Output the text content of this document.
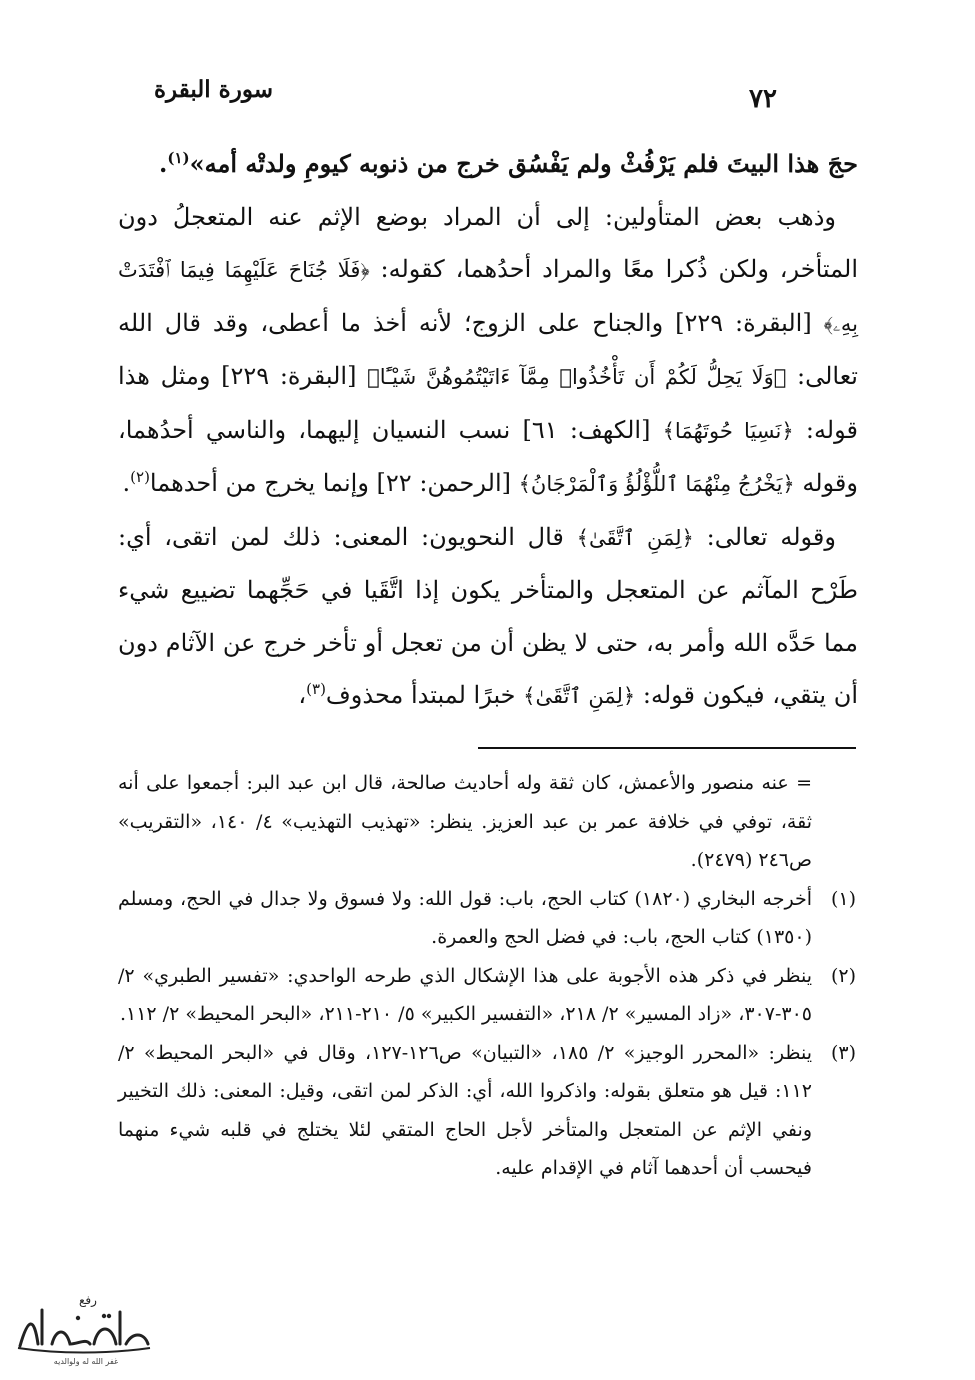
سورة البقرة	٧٢

حجَ هذا البيتَ فلم يَرْفُثْ ولم يَفْسُق خرج من ذنوبه كيومِ ولدتْه أمه»$^{(١)}$.

وذهب بعض المتأولين: إلى أن المراد بوضع الإثم عنه المتعجلُ دون المتأخر، ولكن ذُكرا معًا والمراد أحدُهما، كقوله: ﴿فَلَا جُنَاحَ عَلَيْهِمَا فِيمَا ٱفْتَدَتْ بِهِۦ﴾ [البقرة: ٢٢٩] والجناح على الزوج؛ لأنه أخذ ما أعطى، وقد قال الله تعالى: ﴿وَلَا يَحِلُّ لَكُمْ أَن تَأْخُذُوا۟ مِمَّآ ءَاتَيْتُمُوهُنَّ شَيْـًٔا﴾ [البقرة: ٢٢٩] ومثل هذا قوله: ﴿نَسِيَا حُوتَهُمَا﴾ [الكهف: ٦١] نسب النسيان إليهما، والناسي أحدُهما، وقوله ﴿يَخْرُجُ مِنْهُمَا ٱللُّؤْلُؤُ وَٱلْمَرْجَانُ﴾ [الرحمن: ٢٢] وإنما يخرج من أحدهما$^{(٢)}$.

وقوله تعالى: ﴿لِمَنِ ٱتَّقَىٰ﴾ قال النحويون: المعنى: ذلك لمن اتقى، أي: طَرْح المآثم عن المتعجل والمتأخر يكون إذا اتَّقَيا في حَجِّهما تضييع شيء مما حَدَّه الله وأمر به، حتى لا يظن أن من تعجل أو تأخر خرج عن الآثام دون أن يتقي، فيكون قوله: ﴿لِمَنِ ٱتَّقَىٰ﴾ خبرًا لمبتدأ محذوف$^{(٣)}$،

= عنه منصور والأعمش، كان ثقة وله أحاديث صالحة، قال ابن عبد البر: أجمعوا على أنه ثقة، توفي في خلافة عمر بن عبد العزيز. ينظر: «تهذيب التهذيب» ٤/ ١٤٠، «التقريب» ص٢٤٦ (٢٤٧٩).
(١)
أخرجه البخاري (١٨٢٠) كتاب الحج، باب: قول الله: ولا فسوق ولا جدال في الحج، ومسلم (١٣٥٠) كتاب الحج، باب: في فضل الحج والعمرة.
(٢)
ينظر في ذكر هذه الأجوبة على هذا الإشكال الذي طرحه الواحدي: «تفسير الطبري» ٢/ ٣٠٥-٣٠٧، «زاد المسير» ٢/ ٢١٨، «التفسير الكبير» ٥/ ٢١٠-٢١١، «البحر المحيط» ٢/ ١١٢.
(٣)
ينظر: «المحرر الوجيز» ٢/ ١٨٥، «التبيان» ص١٢٦-١٢٧، وقال في «البحر المحيط» ٢/ ١١٢: قيل هو متعلق بقوله: واذكروا الله، أي: الذكر لمن اتقى، وقيل: المعنى: ذلك التخيير ونفي الإثم عن المتعجل والمتأخر لأجل الحاج المتقي لئلا يختلج في قلبه شيء منهما فيحسب أن أحدهما آثام في الإقدام عليه.
رفع
غفر الله له ولوالديه
